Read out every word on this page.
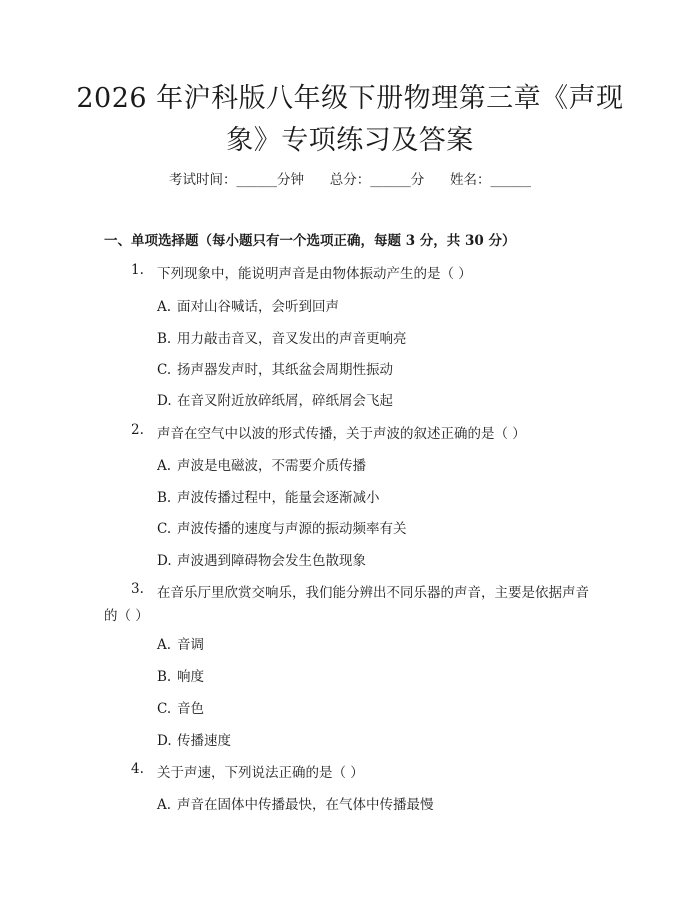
2026 年沪科版八年级下册物理第三章《声现
象》专项练习及答案
考试时间：______分钟      总分：______分      姓名：______
一、单项选择题（每小题只有一个选项正确，每题 3 分，共 30 分）
1. 下列现象中，能说明声音是由物体振动产生的是（ ）
A. 面对山谷喊话，会听到回声
B. 用力敲击音叉，音叉发出的声音更响亮
C. 扬声器发声时，其纸盆会周期性振动
D. 在音叉附近放碎纸屑，碎纸屑会飞起
2. 声音在空气中以波的形式传播，关于声波的叙述正确的是（ ）
A. 声波是电磁波，不需要介质传播
B. 声波传播过程中，能量会逐渐减小
C. 声波传播的速度与声源的振动频率有关
D. 声波遇到障碍物会发生色散现象
3. 在音乐厅里欣赏交响乐，我们能分辨出不同乐器的声音，主要是依据声音
的（ ）
A. 音调
B. 响度
C. 音色
D. 传播速度
4. 关于声速，下列说法正确的是（ ）
A. 声音在固体中传播最快，在气体中传播最慢
